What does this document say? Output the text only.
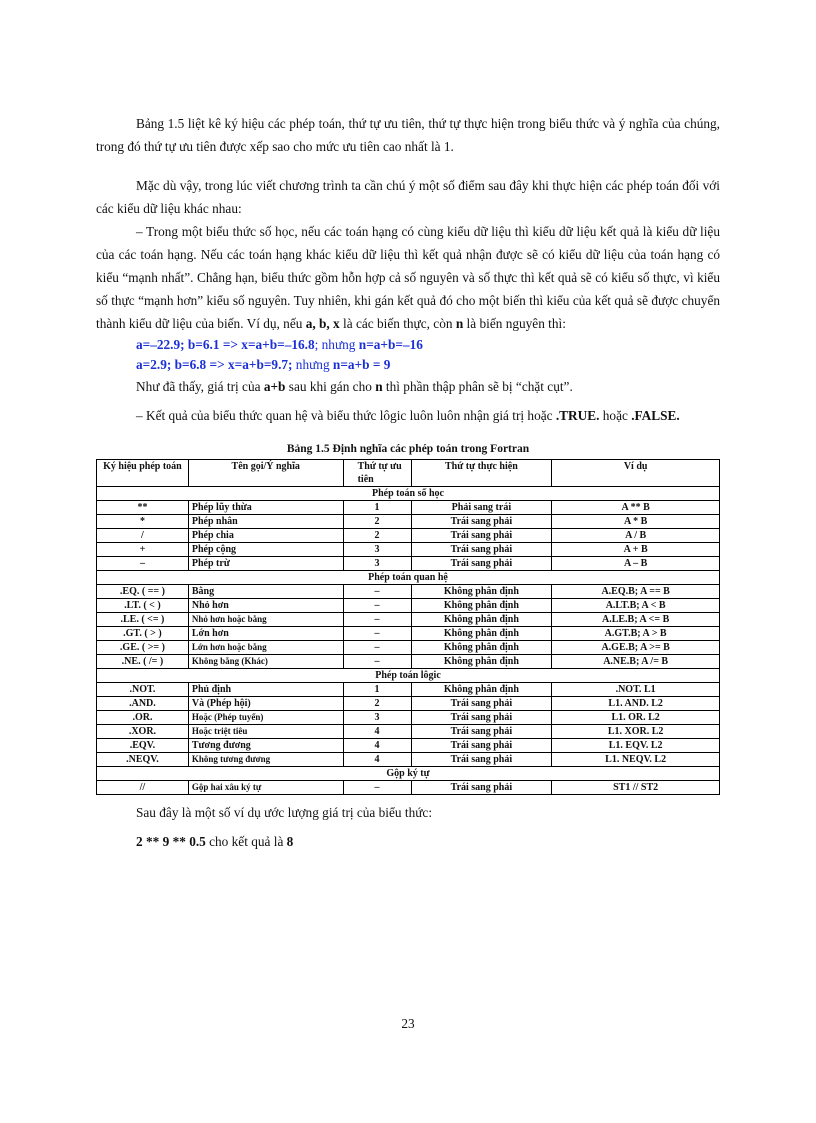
Bảng 1.5 liệt kê ký hiệu các phép toán, thứ tự ưu tiên, thứ tự thực hiện trong biểu thức và ý nghĩa của chúng, trong đó thứ tự ưu tiên được xếp sao cho mức ưu tiên cao nhất là 1.

Mặc dù vậy, trong lúc viết chương trình ta cần chú ý một số điểm sau đây khi thực hiện các phép toán đối với các kiểu dữ liệu khác nhau:

– Trong một biểu thức số học, nếu các toán hạng có cùng kiểu dữ liệu thì kiểu dữ liệu kết quả là kiểu dữ liệu của các toán hạng. Nếu các toán hạng khác kiểu dữ liệu thì kết quả nhận được sẽ có kiểu dữ liệu của toán hạng có kiểu “mạnh nhất”. Chẳng hạn, biểu thức gồm hỗn hợp cả số nguyên và số thực thì kết quả sẽ có kiểu số thực, vì kiểu số thực “mạnh hơn” kiểu số nguyên. Tuy nhiên, khi gán kết quả đó cho một biến thì kiểu của kết quả sẽ được chuyển thành kiểu dữ liệu của biến. Ví dụ, nếu a, b, x là các biến thực, còn n là biến nguyên thì:

a=–22.9; b=6.1 => x=a+b=–16.8; nhưng n=a+b=–16
a=2.9; b=6.8 => x=a+b=9.7; nhưng n=a+b = 9

Như đã thấy, giá trị của a+b sau khi gán cho n thì phần thập phân sẽ bị “chặt cụt”.

– Kết quả của biểu thức quan hệ và biểu thức lôgic luôn luôn nhận giá trị hoặc .TRUE. hoặc .FALSE.

Bảng 1.5 Định nghĩa các phép toán trong Fortran
Ký hiệu phép toán	Tên gọi/Ý nghĩa	Thứ tự ưu tiên	Thứ tự thực hiện	Ví dụ
Phép toán số học				
**	Phép lũy thừa	1	Phải sang trái	A ** B
*	Phép nhân	2	Trái sang phải	A * B
/	Phép chia	2	Trái sang phải	A / B
+	Phép cộng	3	Trái sang phải	A + B
–	Phép trừ	3	Trái sang phải	A – B
Phép toán quan hệ				
.EQ. ( == )	Bằng	–	Không phân định	A.EQ.B; A == B
.LT. ( < )	Nhỏ hơn	–	Không phân định	A.LT.B; A < B
.LE. ( <= )	Nhỏ hơn hoặc bằng	–	Không phân định	A.LE.B; A <= B
.GT. ( > )	Lớn hơn	–	Không phân định	A.GT.B; A > B
.GE. ( >= )	Lớn hơn hoặc bằng	–	Không phân định	A.GE.B; A >= B
.NE. ( /= )	Không bằng (Khác)	–	Không phân định	A.NE.B; A /= B
Phép toán lôgic				
.NOT.	Phủ định	1	Không phân định	.NOT. L1
.AND.	Và (Phép hội)	2	Trái sang phải	L1. AND. L2
.OR.	Hoặc (Phép tuyển)	3	Trái sang phải	L1. OR. L2
.XOR.	Hoặc triệt tiêu	4	Trái sang phải	L1. XOR. L2
.EQV.	Tương đương	4	Trái sang phải	L1. EQV. L2
.NEQV.	Không tương đương	4	Trái sang phải	L1. NEQV. L2
Gộp ký tự				
//	Gộp hai xâu ký tự	–	Trái sang phải	ST1 // ST2

Sau đây là một số ví dụ ước lượng giá trị của biểu thức:

2 ** 9 ** 0.5 cho kết quả là 8

23
